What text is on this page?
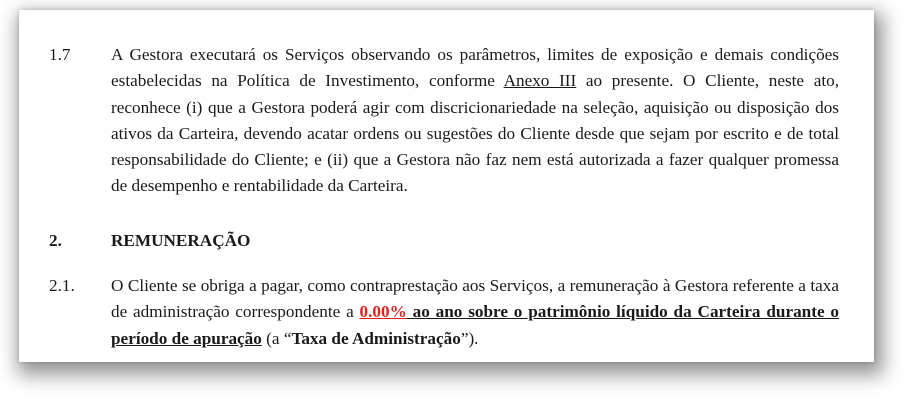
1.7 A Gestora executará os Serviços observando os parâmetros, limites de exposição e demais condições estabelecidas na Política de Investimento, conforme Anexo III ao presente. O Cliente, neste ato, reconhece (i) que a Gestora poderá agir com discricionariedade na seleção, aquisição ou disposição dos ativos da Carteira, devendo acatar ordens ou sugestões do Cliente desde que sejam por escrito e de total responsabilidade do Cliente; e (ii) que a Gestora não faz nem está autorizada a fazer qualquer promessa de desempenho e rentabilidade da Carteira.
2.	REMUNERAÇÃO
2.1. O Cliente se obriga a pagar, como contraprestação aos Serviços, a remuneração à Gestora referente a taxa de administração correspondente a 0.00% ao ano sobre o patrimônio líquido da Carteira durante o período de apuração (a “Taxa de Administração”).
